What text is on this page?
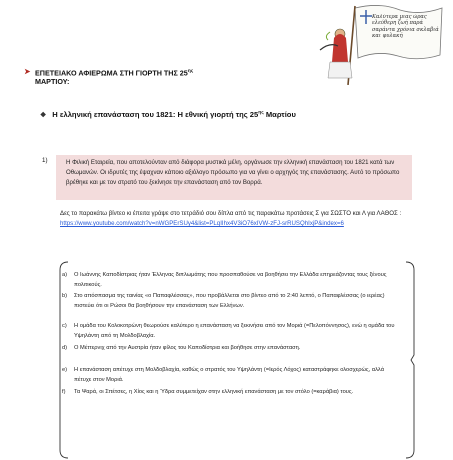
Καλύτερα μιας ώρας ελεύθερη ζωή παρά σαράντα χρόνια σκλαβιά και φυλακή
ΕΠΕΤΕΙΑΚΟ ΑΦΙΕΡΩΜΑ ΣΤΗ ΓΙΟΡΤΗ ΤΗΣ $25^{\eta\varsigma}$
ΜΑΡΤΙΟΥ:
❖ Η ελληνική επανάσταση του 1821: Η εθνική γιορτή της $25^{\eta\varsigma}$ Μαρτίου
1)	Η Φιλική Εταιρεία, που αποτελούνταν από διάφορα μυστικά μέλη, οργάνωσε την ελληνική επανάσταση του 1821 κατά των Οθωμανών. Οι ιδρυτές της έψαχναν κάποιο αξιόλογο πρόσωπο για να γίνει ο αρχηγός της επανάστασης. Αυτό το πρόσωπο βρέθηκε και με τον στρατό του ξεκίνησε την επανάσταση από τον Βορρά.

Δες το παρακάτω βίντεο κι έπειτα γράψε στο τετράδιό σου δίπλα από τις παρακάτω προτάσεις Σ για ΣΩΣΤΟ και Λ για ΛΑΘΟΣ :
https://www.youtube.com/watch?v=nWGPErSUy4&list=PLqIIhx4V3iO76xIVW-zFJ-srRUSQhIxjP&index=6
a) Ο Ιωάννης Καποδίστριας ήταν Έλληνας διπλωμάτης που προσπαθούσε να βοηθήσει την Ελλάδα επηρεάζοντας τους ξένους πολιτικούς.
b) Στο απόσπασμα της ταινίας «ο Παπαφλέσσας», που προβάλλεται στο βίντεο από το 2:40 λεπτό, ο Παπαφλέσσας (ο ιερέας) πιστεύει ότι οι Ρώσοι θα βοηθήσουν την επανάσταση των Ελλήνων.
c) Η ομάδα του Κολοκοτρώνη θεωρούσε καλύτερο η επανάσταση να ξεκινήσει από τον Μοριά (=Πελοπόννησος), ενώ η ομάδα του Υψηλάντη από τη Μολδοβλαχία.
d) Ο Μέττερνιχ από την Αυστρία ήταν φίλος του Καποδίστρια και βοήθησε στην επανάσταση.
e) Η επανάσταση απέτυχε στη Μολδοβλαχία, καθώς ο στρατός του Υψηλάντη (=Ιερός Λόχος) καταστράφηκε ολοσχερώς, αλλά πέτυχε στον Μοριά.
f) Τα Ψαρά, οι Σπέτσες, η Χίος και η Ύδρα συμμετείχαν στην ελληνική επανάσταση με τον στόλο (=καράβια) τους.
